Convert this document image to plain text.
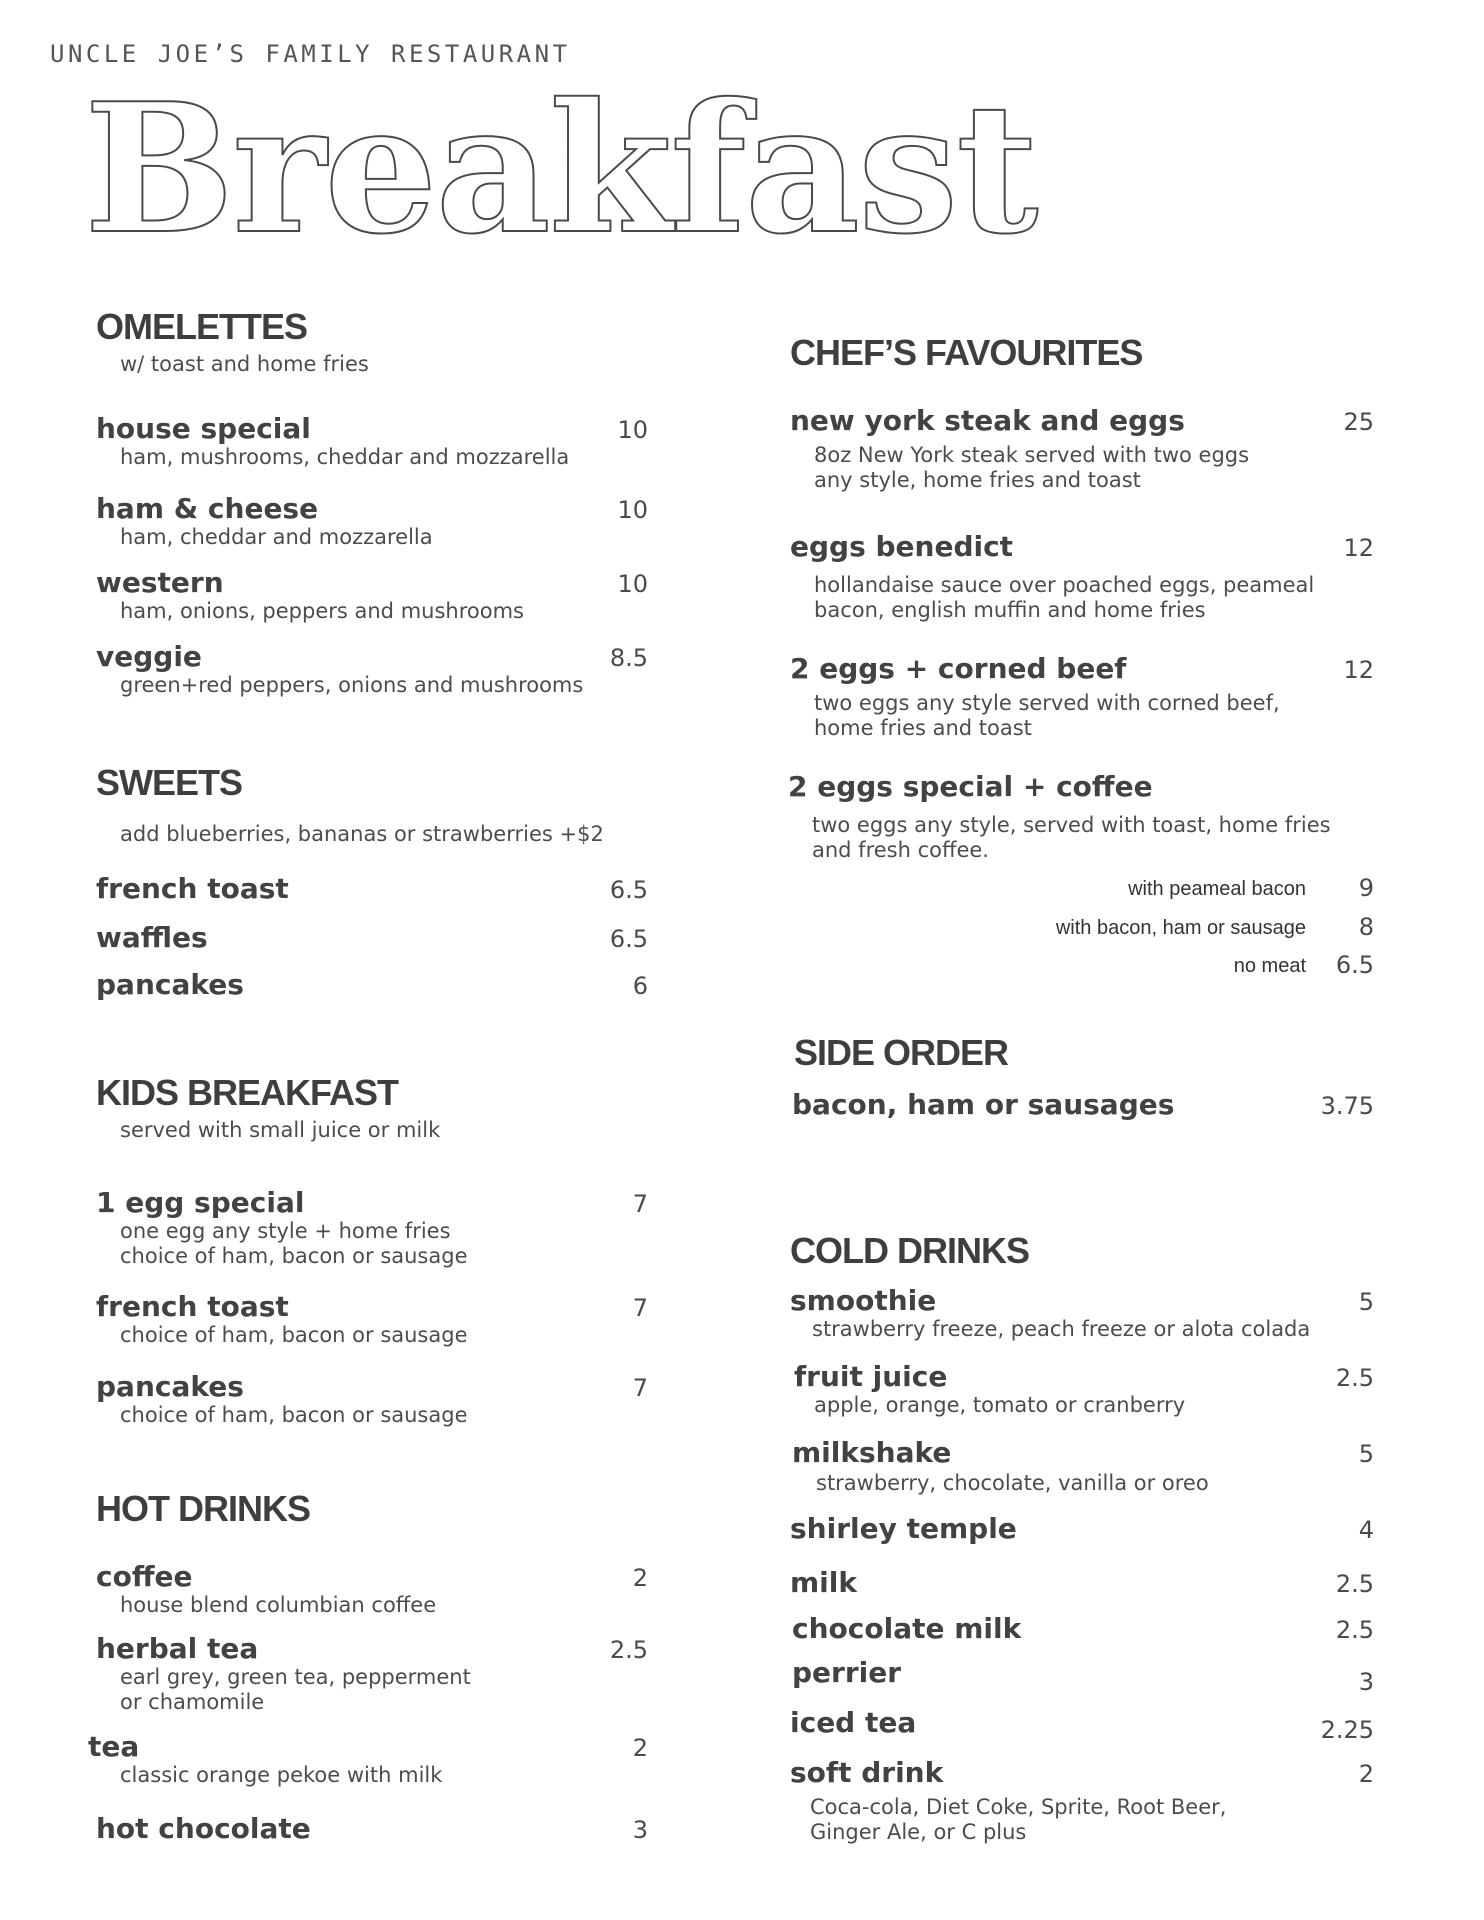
UNCLE JOE’S FAMILY RESTAURANT
Breakfast
OMELETTES
w/ toast and home fries
house special	10
ham, mushrooms, cheddar and mozzarella
ham & cheese	10
ham, cheddar and mozzarella
western	10
ham, onions, peppers and mushrooms
veggie	8.5
green+red peppers, onions and mushrooms
SWEETS
add blueberries, bananas or strawberries +$2
french toast	6.5
waffles	6.5
pancakes	6
KIDS BREAKFAST
served with small juice or milk
1 egg special	7
one egg any style + home fries
choice of ham, bacon or sausage
french toast	7
choice of ham, bacon or sausage
pancakes	7
choice of ham, bacon or sausage
HOT DRINKS
coffee	2
house blend columbian coffee
herbal tea	2.5
earl grey, green tea, pepperment
or chamomile
tea	2
classic orange pekoe with milk
hot chocolate	3
CHEF’S FAVOURITES
new york steak and eggs	25
8oz New York steak served with two eggs
any style, home fries and toast
eggs benedict	12
hollandaise sauce over poached eggs, peameal
bacon, english muffin and home fries
2 eggs + corned beef	12
two eggs any style served with corned beef,
home fries and toast
2 eggs special + coffee
two eggs any style, served with toast, home fries
and fresh coffee.
with peameal bacon 9
with bacon, ham or sausage 8
no meat 6.5
SIDE ORDER
bacon, ham or sausages	3.75
COLD DRINKS
smoothie	5
strawberry freeze, peach freeze or alota colada
fruit juice	2.5
apple, orange, tomato or cranberry
milkshake	5
strawberry, chocolate, vanilla or oreo
shirley temple	4
milk	2.5
chocolate milk	2.5
perrier	3
iced tea	2.25
soft drink	2
Coca-cola, Diet Coke, Sprite, Root Beer,
Ginger Ale, or C plus
